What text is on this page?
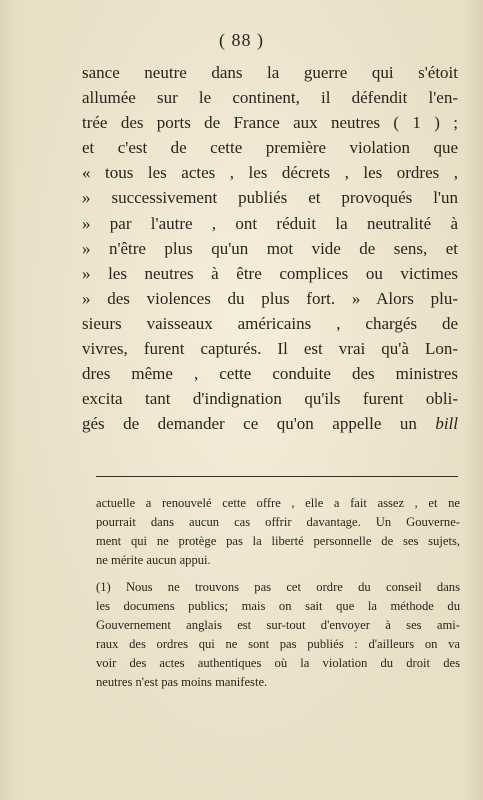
( 88 )
sance neutre dans la guerre qui s'étoit
allumée sur le continent, il défendit l'en-
trée des ports de France aux neutres ( 1 ) ;
et c'est de cette première violation que
« tous les actes , les décrets , les ordres ,
» successivement publiés et provoqués l'un
» par l'autre , ont réduit la neutralité à
» n'être plus qu'un mot vide de sens, et
» les neutres à être complices ou victimes
» des violences du plus fort. » Alors plu-
sieurs vaisseaux américains , chargés de
vivres, furent capturés. Il est vrai qu'à Lon-
dres même , cette conduite des ministres
excita tant d'indignation qu'ils furent obli-
gés de demander ce qu'on appelle un bill
actuelle a renouvelé cette offre , elle a fait assez , et ne
pourrait dans aucun cas offrir davantage. Un Gouverne-
ment qui ne protège pas la liberté personnelle de ses sujets,
ne mérite aucun appui.
(1) Nous ne trouvons pas cet ordre du conseil dans
les documens publics; mais on sait que la méthode du
Gouvernement anglais est sur-tout d'envoyer à ses ami-
raux des ordres qui ne sont pas publiés : d'ailleurs on va
voir des actes authentiques où la violation du droit des
neutres n'est pas moins manifeste.
